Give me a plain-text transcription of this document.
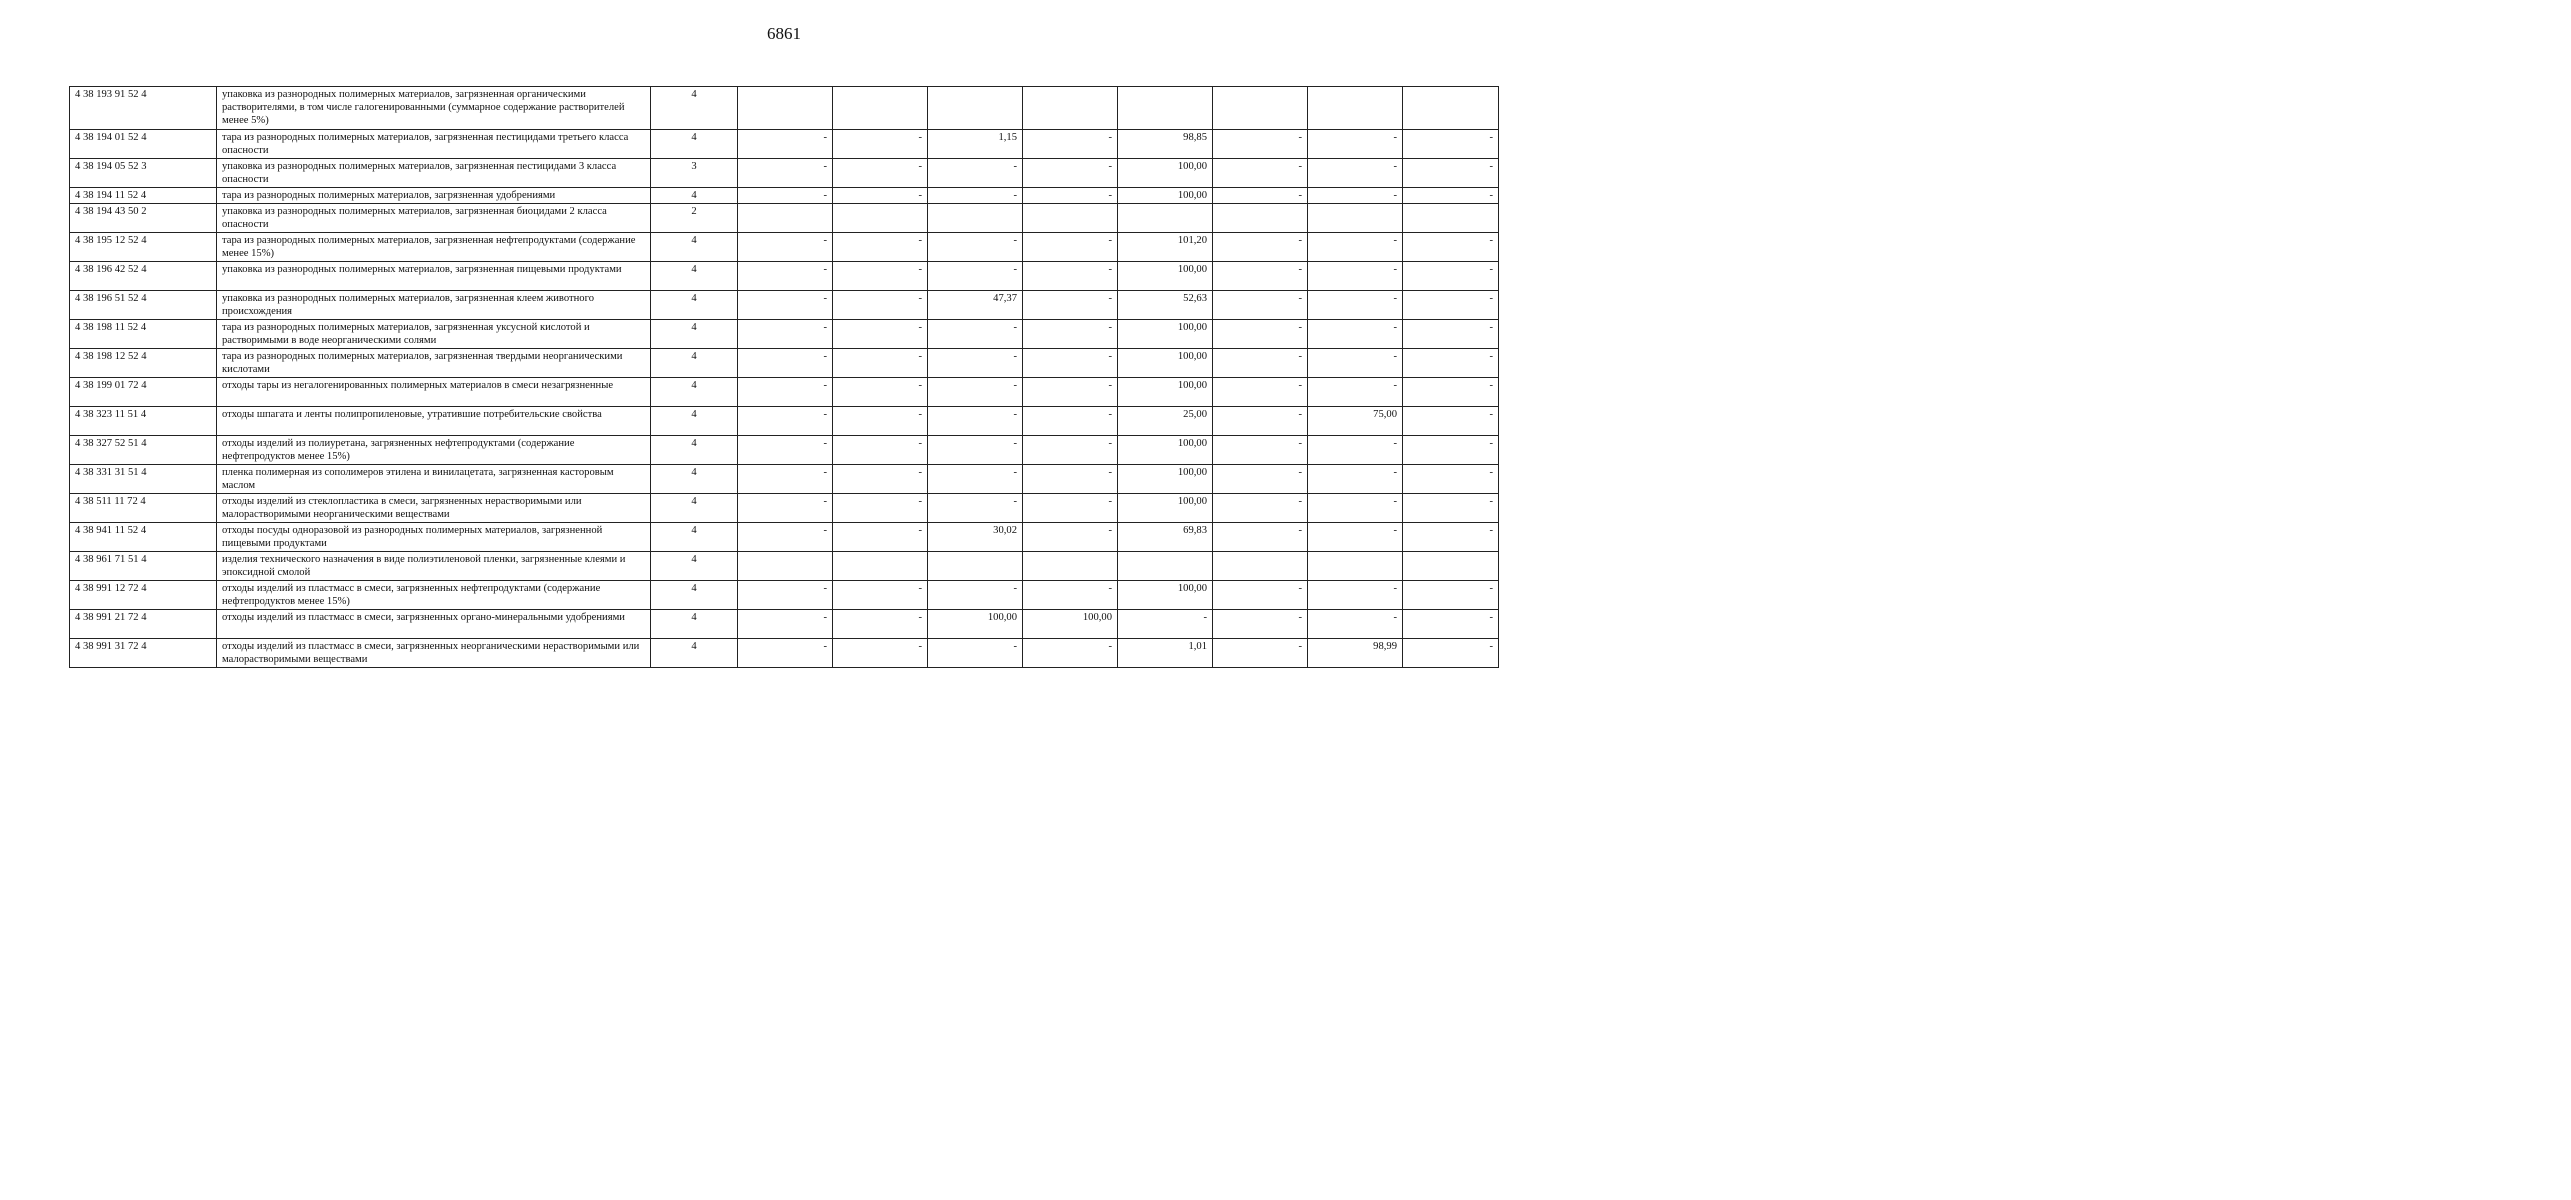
6861
4 38 193 91 52 4	упаковка из разнородных полимерных материалов, загрязненная органическими растворителями, в том числе галогенированными (суммарное содержание растворителей менее 5%)	4								
4 38 194 01 52 4	тара из разнородных полимерных материалов, загрязненная пестицидами третьего класса опасности	4	-	-	1,15	-	98,85	-	-	-
4 38 194 05 52 3	упаковка из разнородных полимерных материалов, загрязненная пестицидами 3 класса опасности	3	-	-	-	-	100,00	-	-	-
4 38 194 11 52 4	тара из разнородных полимерных материалов, загрязненная удобрениями	4	-	-	-	-	100,00	-	-	-
4 38 194 43 50 2	упаковка из разнородных полимерных материалов, загрязненная биоцидами 2 класса опасности	2								
4 38 195 12 52 4	тара из разнородных полимерных материалов, загрязненная нефтепродуктами (содержание менее 15%)	4	-	-	-	-	101,20	-	-	-
4 38 196 42 52 4	упаковка из разнородных полимерных материалов, загрязненная пищевыми продуктами	4	-	-	-	-	100,00	-	-	-
4 38 196 51 52 4	упаковка из разнородных полимерных материалов, загрязненная клеем животного происхождения	4	-	-	47,37	-	52,63	-	-	-
4 38 198 11 52 4	тара из разнородных полимерных материалов, загрязненная уксусной кислотой и растворимыми в воде неорганическими солями	4	-	-	-	-	100,00	-	-	-
4 38 198 12 52 4	тара из разнородных полимерных материалов, загрязненная твердыми неорганическими кислотами	4	-	-	-	-	100,00	-	-	-
4 38 199 01 72 4	отходы тары из негалогенированных полимерных материалов в смеси незагрязненные	4	-	-	-	-	100,00	-	-	-
4 38 323 11 51 4	отходы шпагата и ленты полипропиленовые, утратившие потребительские свойства	4	-	-	-	-	25,00	-	75,00	-
4 38 327 52 51 4	отходы изделий из полиуретана, загрязненных нефтепродуктами (содержание нефтепродуктов менее 15%)	4	-	-	-	-	100,00	-	-	-
4 38 331 31 51 4	пленка полимерная из сополимеров этилена и винилацетата, загрязненная касторовым маслом	4	-	-	-	-	100,00	-	-	-
4 38 511 11 72 4	отходы изделий из стеклопластика в смеси, загрязненных нерастворимыми или малорастворимыми неорганическими веществами	4	-	-	-	-	100,00	-	-	-
4 38 941 11 52 4	отходы посуды одноразовой из разнородных полимерных материалов, загрязненной пищевыми продуктами	4	-	-	30,02	-	69,83	-	-	-
4 38 961 71 51 4	изделия технического назначения в виде полиэтиленовой пленки, загрязненные клеями и эпоксидной смолой	4								
4 38 991 12 72 4	отходы изделий из пластмасс в смеси, загрязненных нефтепродуктами (содержание нефтепродуктов менее 15%)	4	-	-	-	-	100,00	-	-	-
4 38 991 21 72 4	отходы изделий из пластмасс в смеси, загрязненных органо-минеральными удобрениями	4	-	-	100,00	100,00	-	-	-	-
4 38 991 31 72 4	отходы изделий из пластмасс в смеси, загрязненных неорганическими нерастворимыми или малорастворимыми веществами	4	-	-	-	-	1,01	-	98,99	-
